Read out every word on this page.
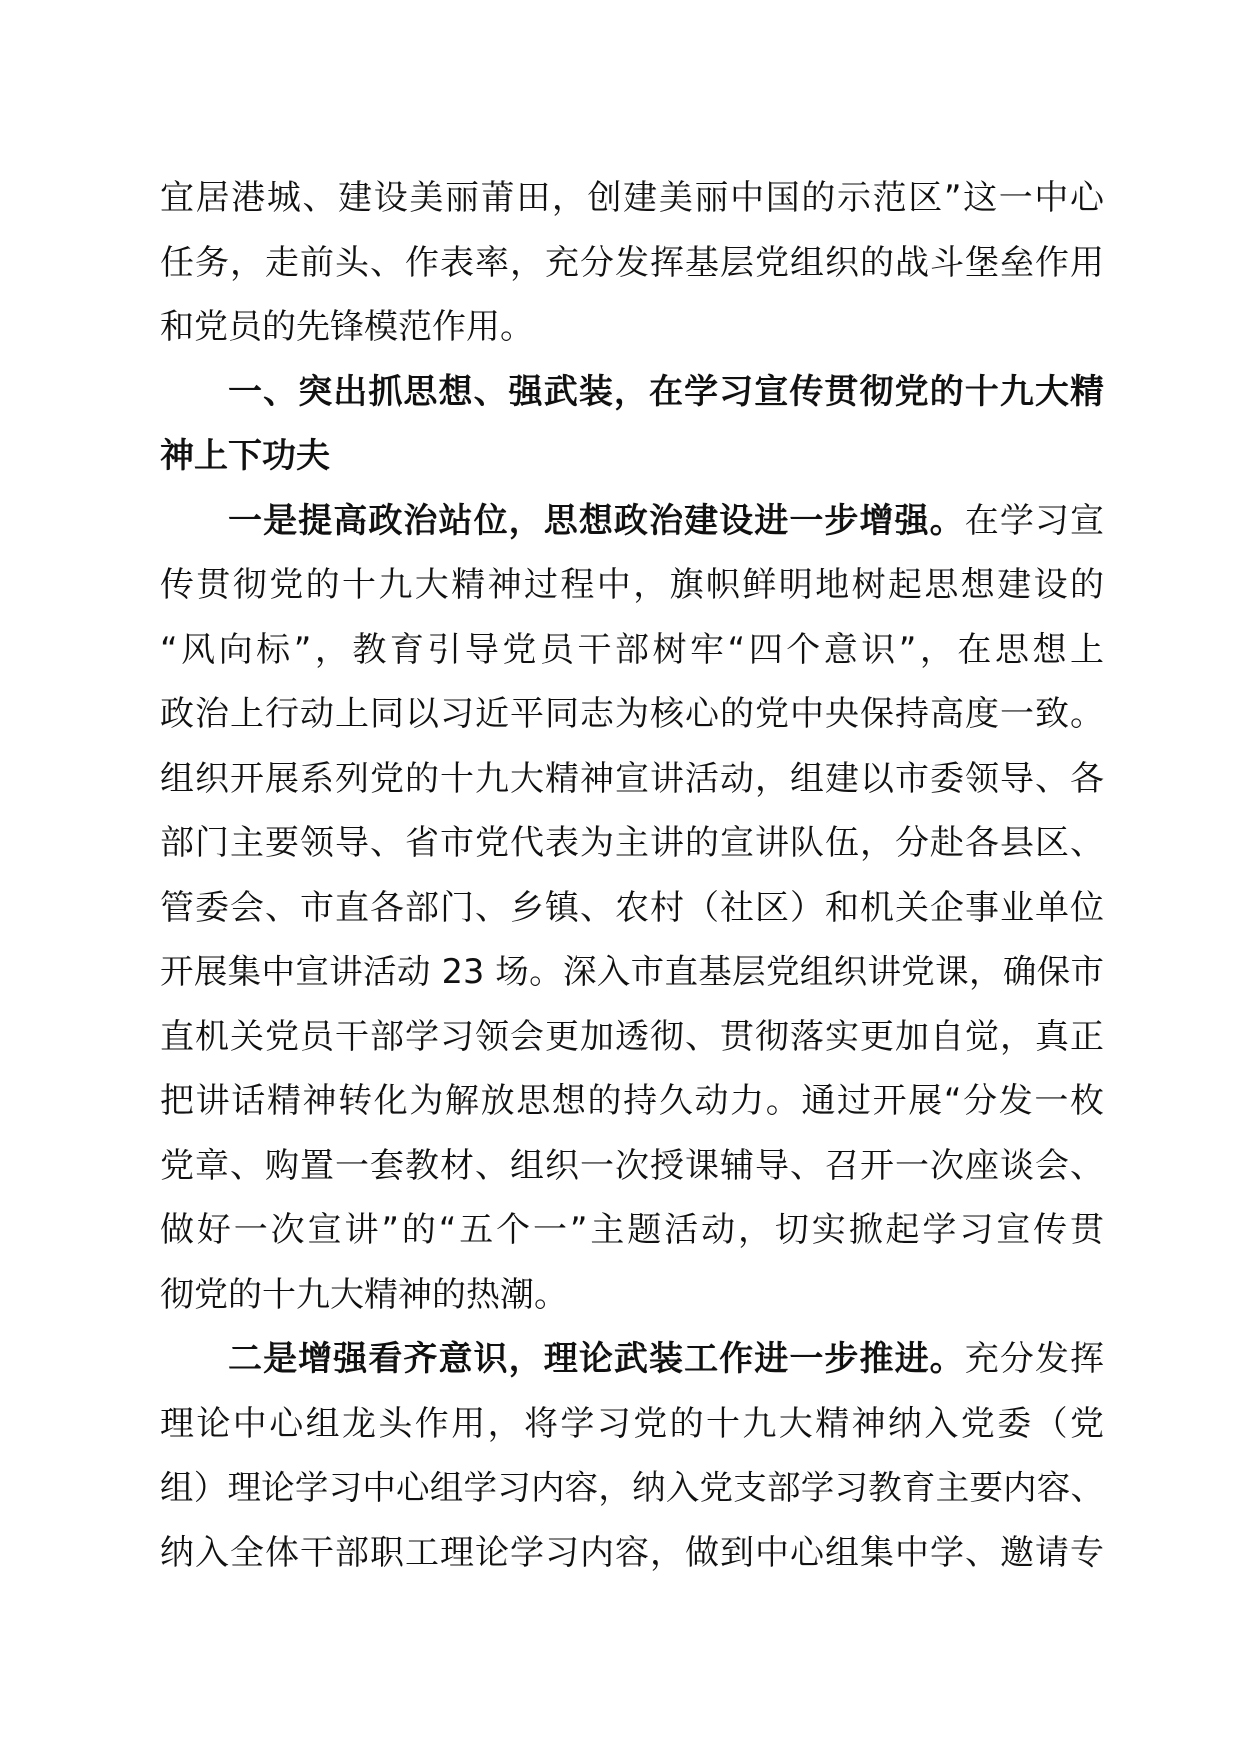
宜居港城、建设美丽莆田，创建美丽中国的示范区”这一中心
任务，走前头、作表率，充分发挥基层党组织的战斗堡垒作用
和党员的先锋模范作用。
一、突出抓思想、强武装，在学习宣传贯彻党的十九大精
神上下功夫
一是提高政治站位，思想政治建设进一步增强。在学习宣
传贯彻党的十九大精神过程中，旗帜鲜明地树起思想建设的
“风向标”，教育引导党员干部树牢“四个意识”，在思想上
政治上行动上同以习近平同志为核心的党中央保持高度一致。
组织开展系列党的十九大精神宣讲活动，组建以市委领导、各
部门主要领导、省市党代表为主讲的宣讲队伍，分赴各县区、
管委会、市直各部门、乡镇、农村（社区）和机关企事业单位
开展集中宣讲活动 23 场。深入市直基层党组织讲党课，确保市
直机关党员干部学习领会更加透彻、贯彻落实更加自觉，真正
把讲话精神转化为解放思想的持久动力。通过开展“分发一枚
党章、购置一套教材、组织一次授课辅导、召开一次座谈会、
做好一次宣讲”的“五个一”主题活动，切实掀起学习宣传贯
彻党的十九大精神的热潮。
二是增强看齐意识，理论武装工作进一步推进。充分发挥
理论中心组龙头作用，将学习党的十九大精神纳入党委（党
组）理论学习中心组学习内容，纳入党支部学习教育主要内容、
纳入全体干部职工理论学习内容，做到中心组集中学、邀请专
